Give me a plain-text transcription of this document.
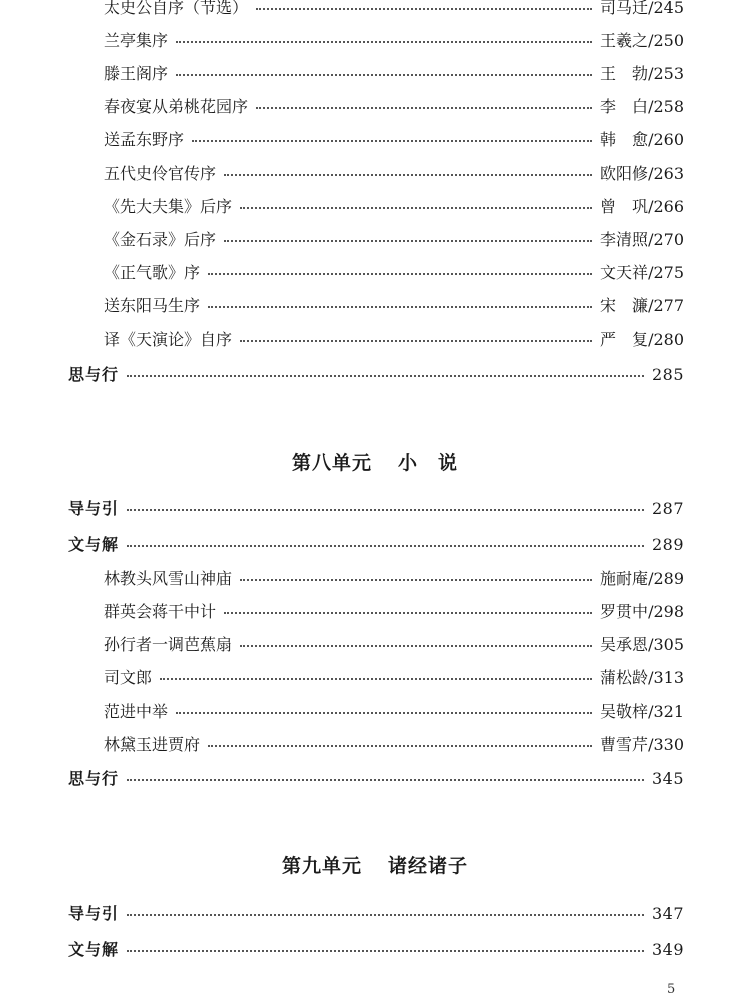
太史公自序（节选）	司马迁 / 245
兰亭集序	王羲之 / 250
滕王阁序	王　勃 / 253
春夜宴从弟桃花园序	李　白 / 258
送孟东野序	韩　愈 / 260
五代史伶官传序	欧阳修 / 263
《先大夫集》后序	曾　巩 / 266
《金石录》后序	李清照 / 270
《正气歌》序	文天祥 / 275
送东阳马生序	宋　濂 / 277
译《天演论》自序	严　复 / 280
思与行	285
第八单元 小　说
导与引	287
文与解	289
林教头风雪山神庙	施耐庵 / 289
群英会蒋干中计	罗贯中 / 298
孙行者一调芭蕉扇	吴承恩 / 305
司文郎	蒲松龄 / 313
范进中举	吴敬梓 / 321
林黛玉进贾府	曹雪芹 / 330
思与行	345
第九单元 诸经诸子
导与引	347
文与解	349
5
